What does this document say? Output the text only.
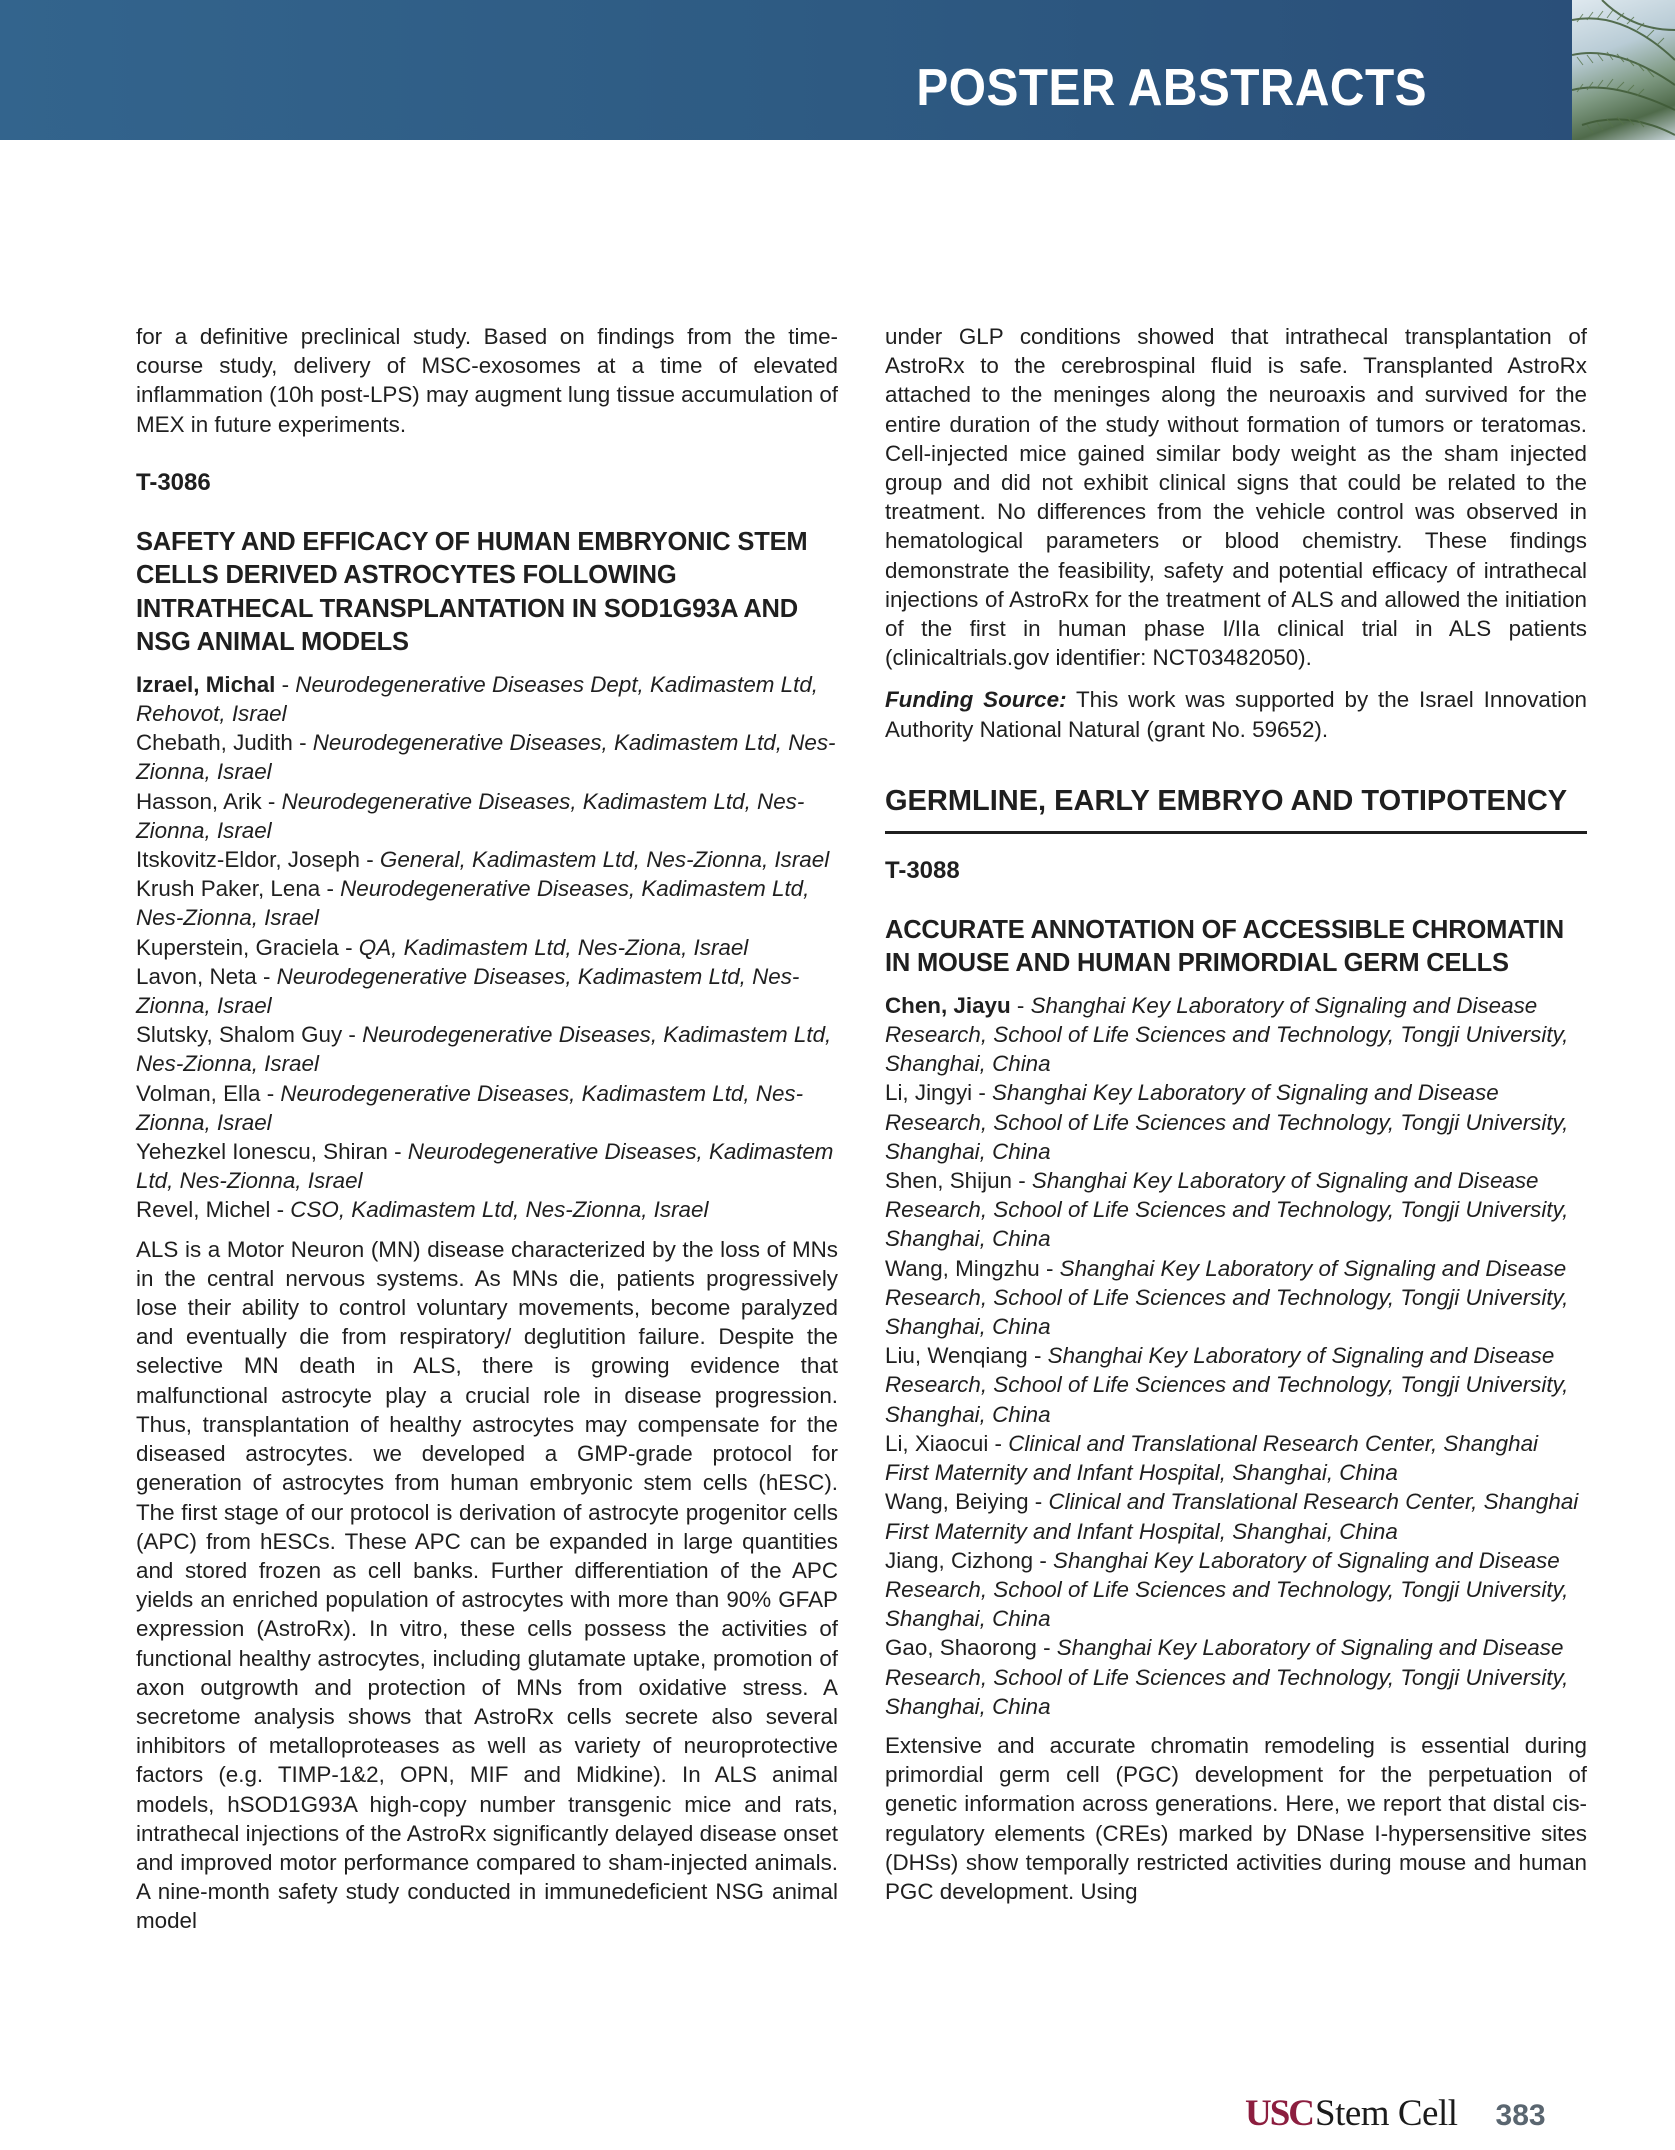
POSTER ABSTRACTS

for a definitive preclinical study. Based on findings from the time-course study, delivery of MSC-exosomes at a time of elevated inflammation (10h post-LPS) may augment lung tissue accumulation of MEX in future experiments.

T-3086
SAFETY AND EFFICACY OF HUMAN EMBRYONIC STEM CELLS DERIVED ASTROCYTES FOLLOWING INTRATHECAL TRANSPLANTATION IN SOD1G93A AND NSG ANIMAL MODELS
Izrael, Michal - Neurodegenerative Diseases Dept, Kadimastem Ltd, Rehovot, Israel
Chebath, Judith - Neurodegenerative Diseases, Kadimastem Ltd, Nes-Zionna, Israel
Hasson, Arik - Neurodegenerative Diseases, Kadimastem Ltd, Nes-Zionna, Israel
Itskovitz-Eldor, Joseph - General, Kadimastem Ltd, Nes-Zionna, Israel
Krush Paker, Lena - Neurodegenerative Diseases, Kadimastem Ltd, Nes-Zionna, Israel
Kuperstein, Graciela - QA, Kadimastem Ltd, Nes-Ziona, Israel
Lavon, Neta - Neurodegenerative Diseases, Kadimastem Ltd, Nes-Zionna, Israel
Slutsky, Shalom Guy - Neurodegenerative Diseases, Kadimastem Ltd, Nes-Zionna, Israel
Volman, Ella - Neurodegenerative Diseases, Kadimastem Ltd, Nes-Zionna, Israel
Yehezkel Ionescu, Shiran - Neurodegenerative Diseases, Kadimastem Ltd, Nes-Zionna, Israel
Revel, Michel - CSO, Kadimastem Ltd, Nes-Zionna, Israel

ALS is a Motor Neuron (MN) disease characterized by the loss of MNs in the central nervous systems. As MNs die, patients progressively lose their ability to control voluntary movements, become paralyzed and eventually die from respiratory/ deglutition failure. Despite the selective MN death in ALS, there is growing evidence that malfunctional astrocyte play a crucial role in disease progression. Thus, transplantation of healthy astrocytes may compensate for the diseased astrocytes. we developed a GMP-grade protocol for generation of astrocytes from human embryonic stem cells (hESC). The first stage of our protocol is derivation of astrocyte progenitor cells (APC) from hESCs. These APC can be expanded in large quantities and stored frozen as cell banks. Further differentiation of the APC yields an enriched population of astrocytes with more than 90% GFAP expression (AstroRx). In vitro, these cells possess the activities of functional healthy astrocytes, including glutamate uptake, promotion of axon outgrowth and protection of MNs from oxidative stress. A secretome analysis shows that AstroRx cells secrete also several inhibitors of metalloproteases as well as variety of neuroprotective factors (e.g. TIMP-1&2, OPN, MIF and Midkine). In ALS animal models, hSOD1G93A high-copy number transgenic mice and rats, intrathecal injections of the AstroRx significantly delayed disease onset and improved motor performance compared to sham-injected animals. A nine-month safety study conducted in immunedeficient NSG animal model

under GLP conditions showed that intrathecal transplantation of AstroRx to the cerebrospinal fluid is safe. Transplanted AstroRx attached to the meninges along the neuroaxis and survived for the entire duration of the study without formation of tumors or teratomas. Cell-injected mice gained similar body weight as the sham injected group and did not exhibit clinical signs that could be related to the treatment. No differences from the vehicle control was observed in hematological parameters or blood chemistry. These findings demonstrate the feasibility, safety and potential efficacy of intrathecal injections of AstroRx for the treatment of ALS and allowed the initiation of the first in human phase I/IIa clinical trial in ALS patients (clinicaltrials.gov identifier: NCT03482050).

Funding Source: This work was supported by the Israel Innovation Authority National Natural (grant No. 59652).

GERMLINE, EARLY EMBRYO AND TOTIPOTENCY
T-3088
ACCURATE ANNOTATION OF ACCESSIBLE CHROMATIN IN MOUSE AND HUMAN PRIMORDIAL GERM CELLS
Chen, Jiayu - Shanghai Key Laboratory of Signaling and Disease Research, School of Life Sciences and Technology, Tongji University, Shanghai, China
Li, Jingyi - Shanghai Key Laboratory of Signaling and Disease Research, School of Life Sciences and Technology, Tongji University, Shanghai, China
Shen, Shijun - Shanghai Key Laboratory of Signaling and Disease Research, School of Life Sciences and Technology, Tongji University, Shanghai, China
Wang, Mingzhu - Shanghai Key Laboratory of Signaling and Disease Research, School of Life Sciences and Technology, Tongji University, Shanghai, China
Liu, Wenqiang - Shanghai Key Laboratory of Signaling and Disease Research, School of Life Sciences and Technology, Tongji University, Shanghai, China
Li, Xiaocui - Clinical and Translational Research Center, Shanghai First Maternity and Infant Hospital, Shanghai, China
Wang, Beiying - Clinical and Translational Research Center, Shanghai First Maternity and Infant Hospital, Shanghai, China
Jiang, Cizhong - Shanghai Key Laboratory of Signaling and Disease Research, School of Life Sciences and Technology, Tongji University, Shanghai, China
Gao, Shaorong - Shanghai Key Laboratory of Signaling and Disease Research, School of Life Sciences and Technology, Tongji University, Shanghai, China

Extensive and accurate chromatin remodeling is essential during primordial germ cell (PGC) development for the perpetuation of genetic information across generations. Here, we report that distal cis-regulatory elements (CREs) marked by DNase I-hypersensitive sites (DHSs) show temporally restricted activities during mouse and human PGC development. Using

USC Stem Cell 383
